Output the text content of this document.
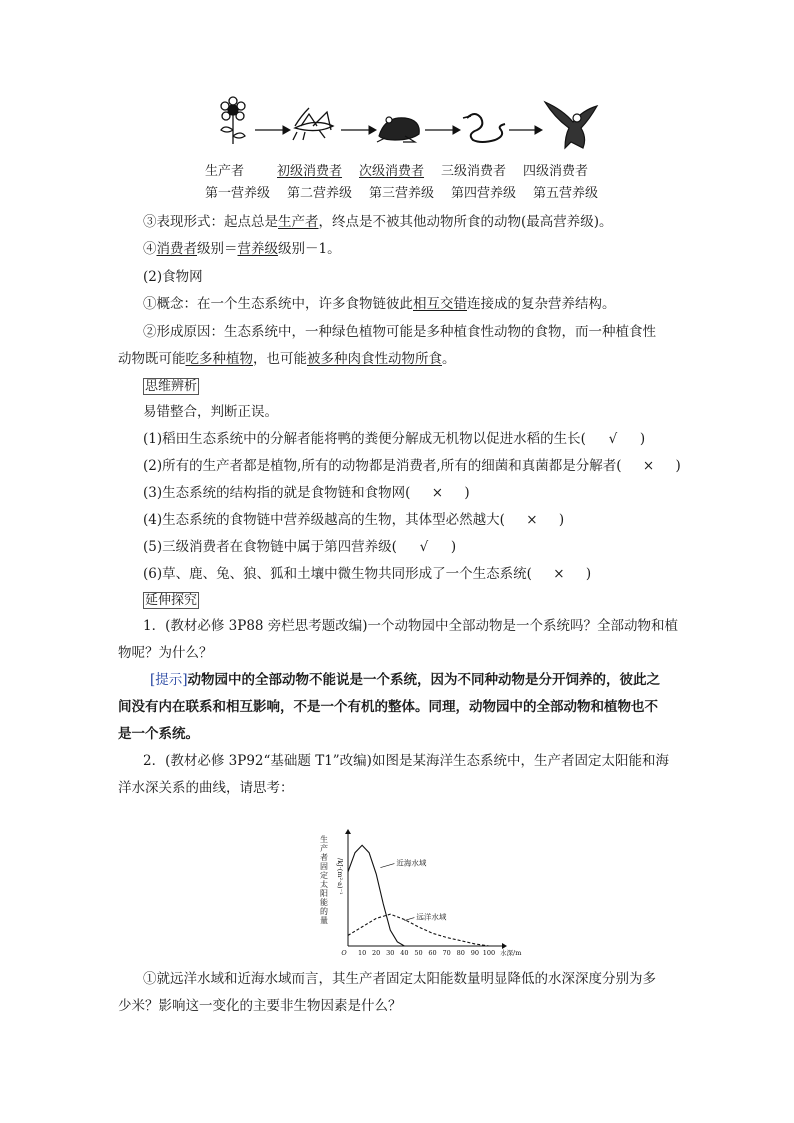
生产者	初级消费者	次级消费者	三级消费者	四级消费者
第一营养级	第二营养级	第三营养级	第四营养级	第五营养级
③表现形式：起点总是生产者，终点是不被其他动物所食的动物(最高营养级)。
④消费者级别＝营养级级别－1。
(2)食物网
①概念：在一个生态系统中，许多食物链彼此相互交错连接成的复杂营养结构。
②形成原因：生态系统中，一种绿色植物可能是多种植食性动物的食物，而一种植食性
动物既可能吃多种植物，也可能被多种肉食性动物所食。
思维辨析
易错整合，判断正误。
(1)稻田生态系统中的分解者能将鸭的粪便分解成无机物以促进水稻的生长( √ )
(2)所有的生产者都是植物,所有的动物都是消费者,所有的细菌和真菌都是分解者( × )
(3)生态系统的结构指的就是食物链和食物网( × )
(4)生态系统的食物链中营养级越高的生物，其体型必然越大( × )
(5)三级消费者在食物链中属于第四营养级( √ )
(6)草、鹿、兔、狼、狐和土壤中微生物共同形成了一个生态系统( × )
延伸探究
1．(教材必修 3P88 旁栏思考题改编)一个动物园中全部动物是一个系统吗？全部动物和植
物呢？为什么？
[提示]动物园中的全部动物不能说是一个系统，因为不同种动物是分开饲养的，彼此之
间没有内在联系和相互影响，不是一个有机的整体。同理，动物园中的全部动物和植物也不
是一个系统。
2．(教材必修 3P92“基础题 T1”改编)如图是某海洋生态系统中，生产者固定太阳能和海
洋水深关系的曲线，请思考：
O 10 20 30 40 50 60 70 80 90 100 水深/m
生
产
者
固
定
太
阳
能
的
量
/kJ·(m²·a)⁻¹	近海水域
远洋水域
①就远洋水域和近海水域而言，其生产者固定太阳能数量明显降低的水深深度分别为多
少米？影响这一变化的主要非生物因素是什么？
